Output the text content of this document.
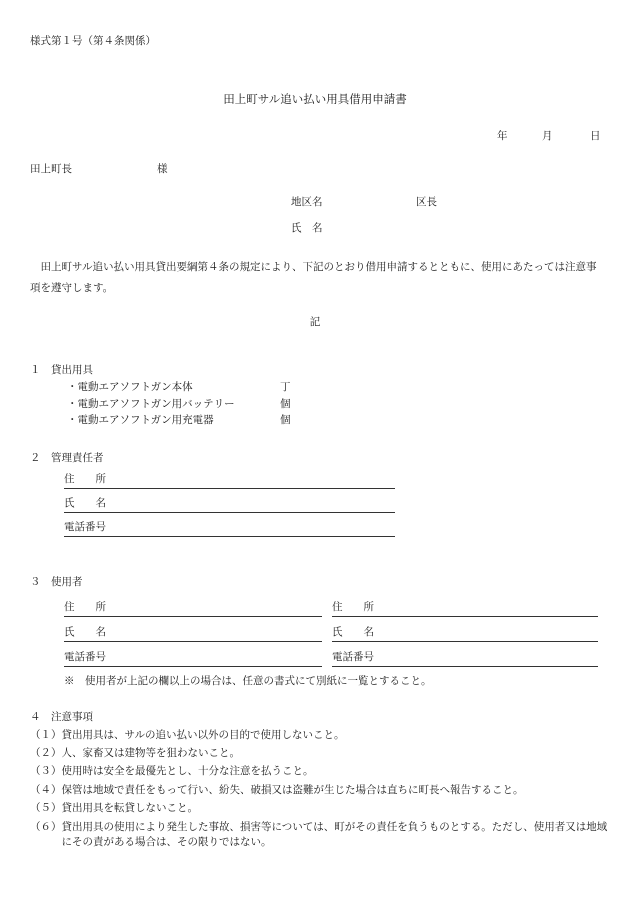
様式第１号（第４条関係）
田上町サル追い払い用具借用申請書
年	月	日
田上町長	様
地区名	区長
氏　名
田上町サル追い払い用具貸出要綱第４条の規定により、下記のとおり借用申請するとともに、使用にあたっては注意事項を遵守します。
記
１　貸出用具
・電動エアソフトガン本体	丁
・電動エアソフトガン用バッテリー	個
・電動エアソフトガン用充電器	個
２　管理責任者
住　　所
氏　　名
電話番号
３　使用者
住　　所
氏　　名
電話番号
住　　所
氏　　名
電話番号
※　使用者が上記の欄以上の場合は、任意の書式にて別紙に一覧とすること。
４　注意事項
（１）貸出用具は、サルの追い払い以外の目的で使用しないこと。
（２）人、家畜又は建物等を狙わないこと。
（３）使用時は安全を最優先とし、十分な注意を払うこと。
（４）保管は地域で責任をもって行い、紛失、破損又は盗難が生じた場合は直ちに町長へ報告すること。
（５）貸出用具を転貸しないこと。
（６） 貸出用具の使用により発生した事故、損害等については、町がその責任を負うものとする。ただし、使用者又は地域にその責がある場合は、その限りではない。
